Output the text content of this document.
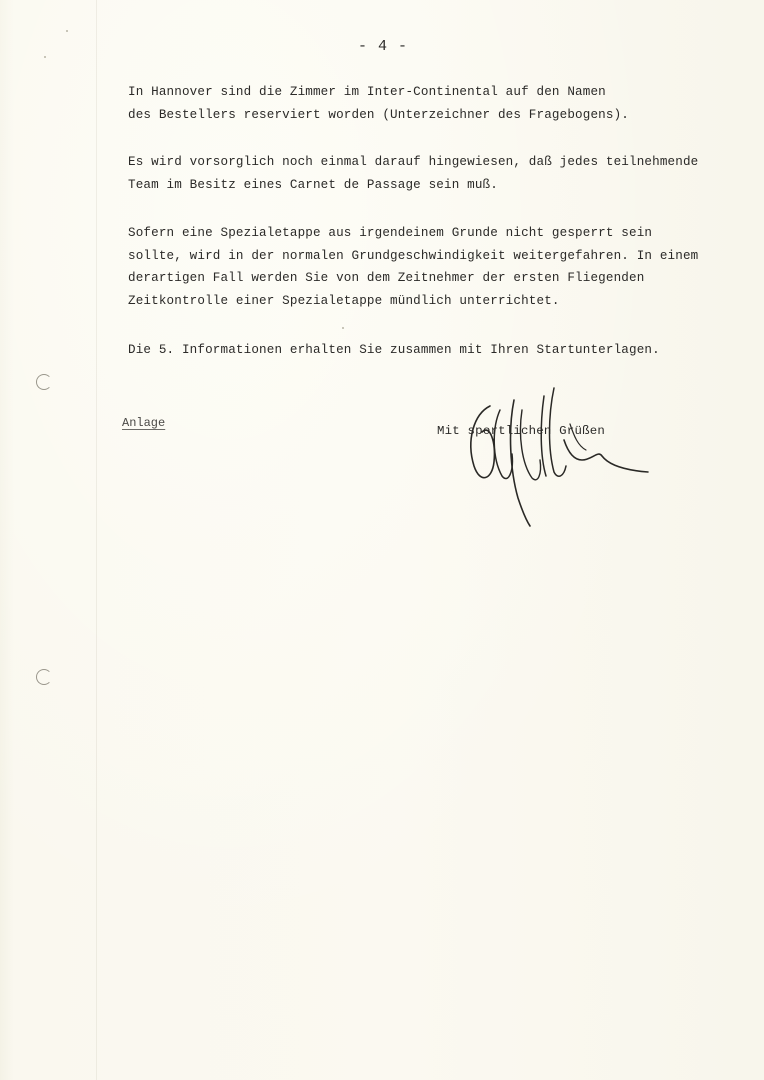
- 4 -
In Hannover sind die Zimmer im Inter-Continental auf den Namen
des Bestellers reserviert worden (Unterzeichner des Fragebogens).
Es wird vorsorglich noch einmal darauf hingewiesen, daß jedes teilnehmende
Team im Besitz eines Carnet de Passage sein muß.
Sofern eine Spezialetappe aus irgendeinem Grunde nicht gesperrt sein
sollte, wird in der normalen Grundgeschwindigkeit weitergefahren. In einem
derartigen Fall werden Sie von dem Zeitnehmer der ersten Fliegenden
Zeitkontrolle einer Spezialetappe mündlich unterrichtet.
Die 5. Informationen erhalten Sie zusammen mit Ihren Startunterlagen.
Anlage
Mit sportlichen Grüßen
